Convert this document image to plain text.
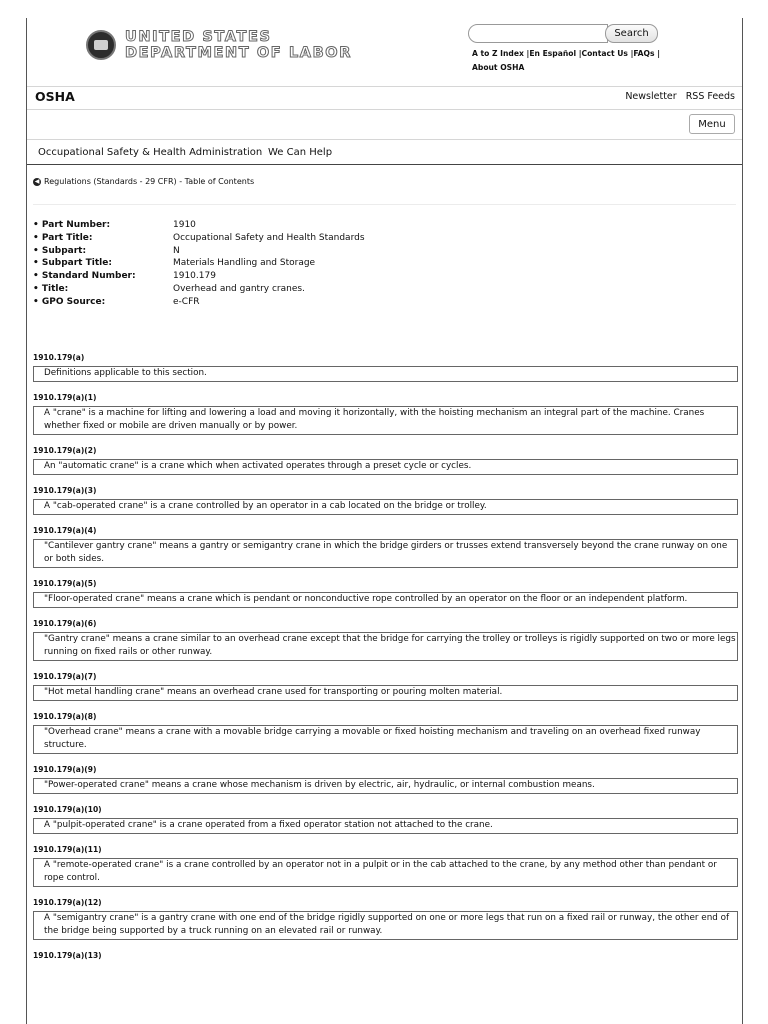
UNITED STATES
DEPARTMENT OF LABOR
Search
A to Z Index |En Español |Contact Us |FAQs |
About OSHA
OSHA	Newsletter RSS Feeds
Menu
Occupational Safety & Health Administration We Can Help
◀ Regulations (Standards - 29 CFR) - Table of Contents
• Part Number:	1910
• Part Title:	Occupational Safety and Health Standards
• Subpart:	N
• Subpart Title:	Materials Handling and Storage
• Standard Number:	1910.179
• Title:	Overhead and gantry cranes.
• GPO Source:	e-CFR
1910.179(a)
Definitions applicable to this section.
1910.179(a)(1)
A "crane" is a machine for lifting and lowering a load and moving it horizontally, with the hoisting mechanism an integral part of the machine. Cranes whether fixed or mobile are driven manually or by power.
1910.179(a)(2)
An "automatic crane" is a crane which when activated operates through a preset cycle or cycles.
1910.179(a)(3)
A "cab-operated crane" is a crane controlled by an operator in a cab located on the bridge or trolley.
1910.179(a)(4)
"Cantilever gantry crane" means a gantry or semigantry crane in which the bridge girders or trusses extend transversely beyond the crane runway on one or both sides.
1910.179(a)(5)
"Floor-operated crane" means a crane which is pendant or nonconductive rope controlled by an operator on the floor or an independent platform.
1910.179(a)(6)
"Gantry crane" means a crane similar to an overhead crane except that the bridge for carrying the trolley or trolleys is rigidly supported on two or more legs running on fixed rails or other runway.
1910.179(a)(7)
"Hot metal handling crane" means an overhead crane used for transporting or pouring molten material.
1910.179(a)(8)
"Overhead crane" means a crane with a movable bridge carrying a movable or fixed hoisting mechanism and traveling on an overhead fixed runway structure.
1910.179(a)(9)
"Power-operated crane" means a crane whose mechanism is driven by electric, air, hydraulic, or internal combustion means.
1910.179(a)(10)
A "pulpit-operated crane" is a crane operated from a fixed operator station not attached to the crane.
1910.179(a)(11)
A "remote-operated crane" is a crane controlled by an operator not in a pulpit or in the cab attached to the crane, by any method other than pendant or rope control.
1910.179(a)(12)
A "semigantry crane" is a gantry crane with one end of the bridge rigidly supported on one or more legs that run on a fixed rail or runway, the other end of the bridge being supported by a truck running on an elevated rail or runway.
1910.179(a)(13)
